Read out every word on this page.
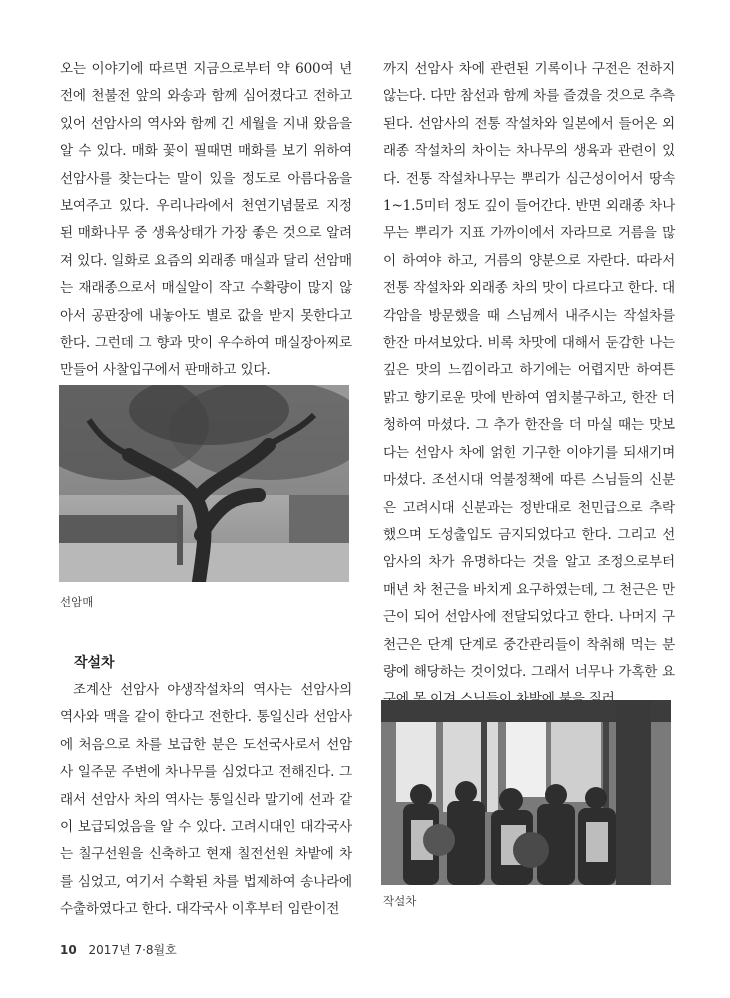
오는 이야기에 따르면 지금으로부터 약 600여 년 전에 천불전 앞의 와송과 함께 심어졌다고 전하고 있어 선암사의 역사와 함께 긴 세월을 지내 왔음을 알 수 있다. 매화 꽃이 필때면 매화를 보기 위하여 선암사를 찾는다는 말이 있을 정도로 아름다움을 보여주고 있다. 우리나라에서 천연기념물로 지정된 매화나무 중 생육상태가 가장 좋은 것으로 알려져 있다. 일화로 요즘의 외래종 매실과 달리 선암매는 재래종으로서 매실알이 작고 수확량이 많지 않아서 공판장에 내놓아도 별로 값을 받지 못한다고 한다. 그런데 그 향과 맛이 우수하여 매실장아찌로 만들어 사찰입구에서 판매하고 있다.

선암매
작설차

조계산 선암사 야생작설차의 역사는 선암사의 역사와 맥을 같이 한다고 전한다. 통일신라 선암사에 처음으로 차를 보급한 분은 도선국사로서 선암사 일주문 주변에 차나무를 심었다고 전해진다. 그래서 선암사 차의 역사는 통일신라 말기에 선과 같이 보급되었음을 알 수 있다. 고려시대인 대각국사는 칠구선원을 신축하고 현재 칠전선원 차밭에 차를 심었고, 여기서 수확된 차를 법제하여 송나라에 수출하였다고 한다. 대각국사 이후부터 임란이전

까지 선암사 차에 관련된 기록이나 구전은 전하지 않는다. 다만 참선과 함께 차를 즐겼을 것으로 추측된다. 선암사의 전통 작설차와 일본에서 들어온 외래종 작설차의 차이는 차나무의 생육과 관련이 있다. 전통 작설차나무는 뿌리가 심근성이어서 땅속 1~1.5미터 정도 깊이 들어간다. 반면 외래종 차나무는 뿌리가 지표 가까이에서 자라므로 거름을 많이 하여야 하고, 거름의 양분으로 자란다. 따라서 전통 작설차와 외래종 차의 맛이 다르다고 한다. 대각암을 방문했을 때 스님께서 내주시는 작설차를 한잔 마셔보았다. 비록 차맛에 대해서 둔감한 나는 깊은 맛의 느낌이라고 하기에는 어렵지만 하여튼 맑고 향기로운 맛에 반하여 염치불구하고, 한잔 더 청하여 마셨다. 그 추가 한잔을 더 마실 때는 맛보다는 선암사 차에 얽힌 기구한 이야기를 되새기며 마셨다. 조선시대 억불정책에 따른 스님들의 신분은 고려시대 신분과는 정반대로 천민급으로 추락했으며 도성출입도 금지되었다고 한다. 그리고 선암사의 차가 유명하다는 것을 알고 조정으로부터 매년 차 천근을 바치게 요구하였는데, 그 천근은 만근이 되어 선암사에 전달되었다고 한다. 나머지 구천근은 단계 단계로 중간관리들이 착취해 먹는 분량에 해당하는 것이었다. 그래서 너무나 가혹한 요

작설차
10 2017년 7·8월호
